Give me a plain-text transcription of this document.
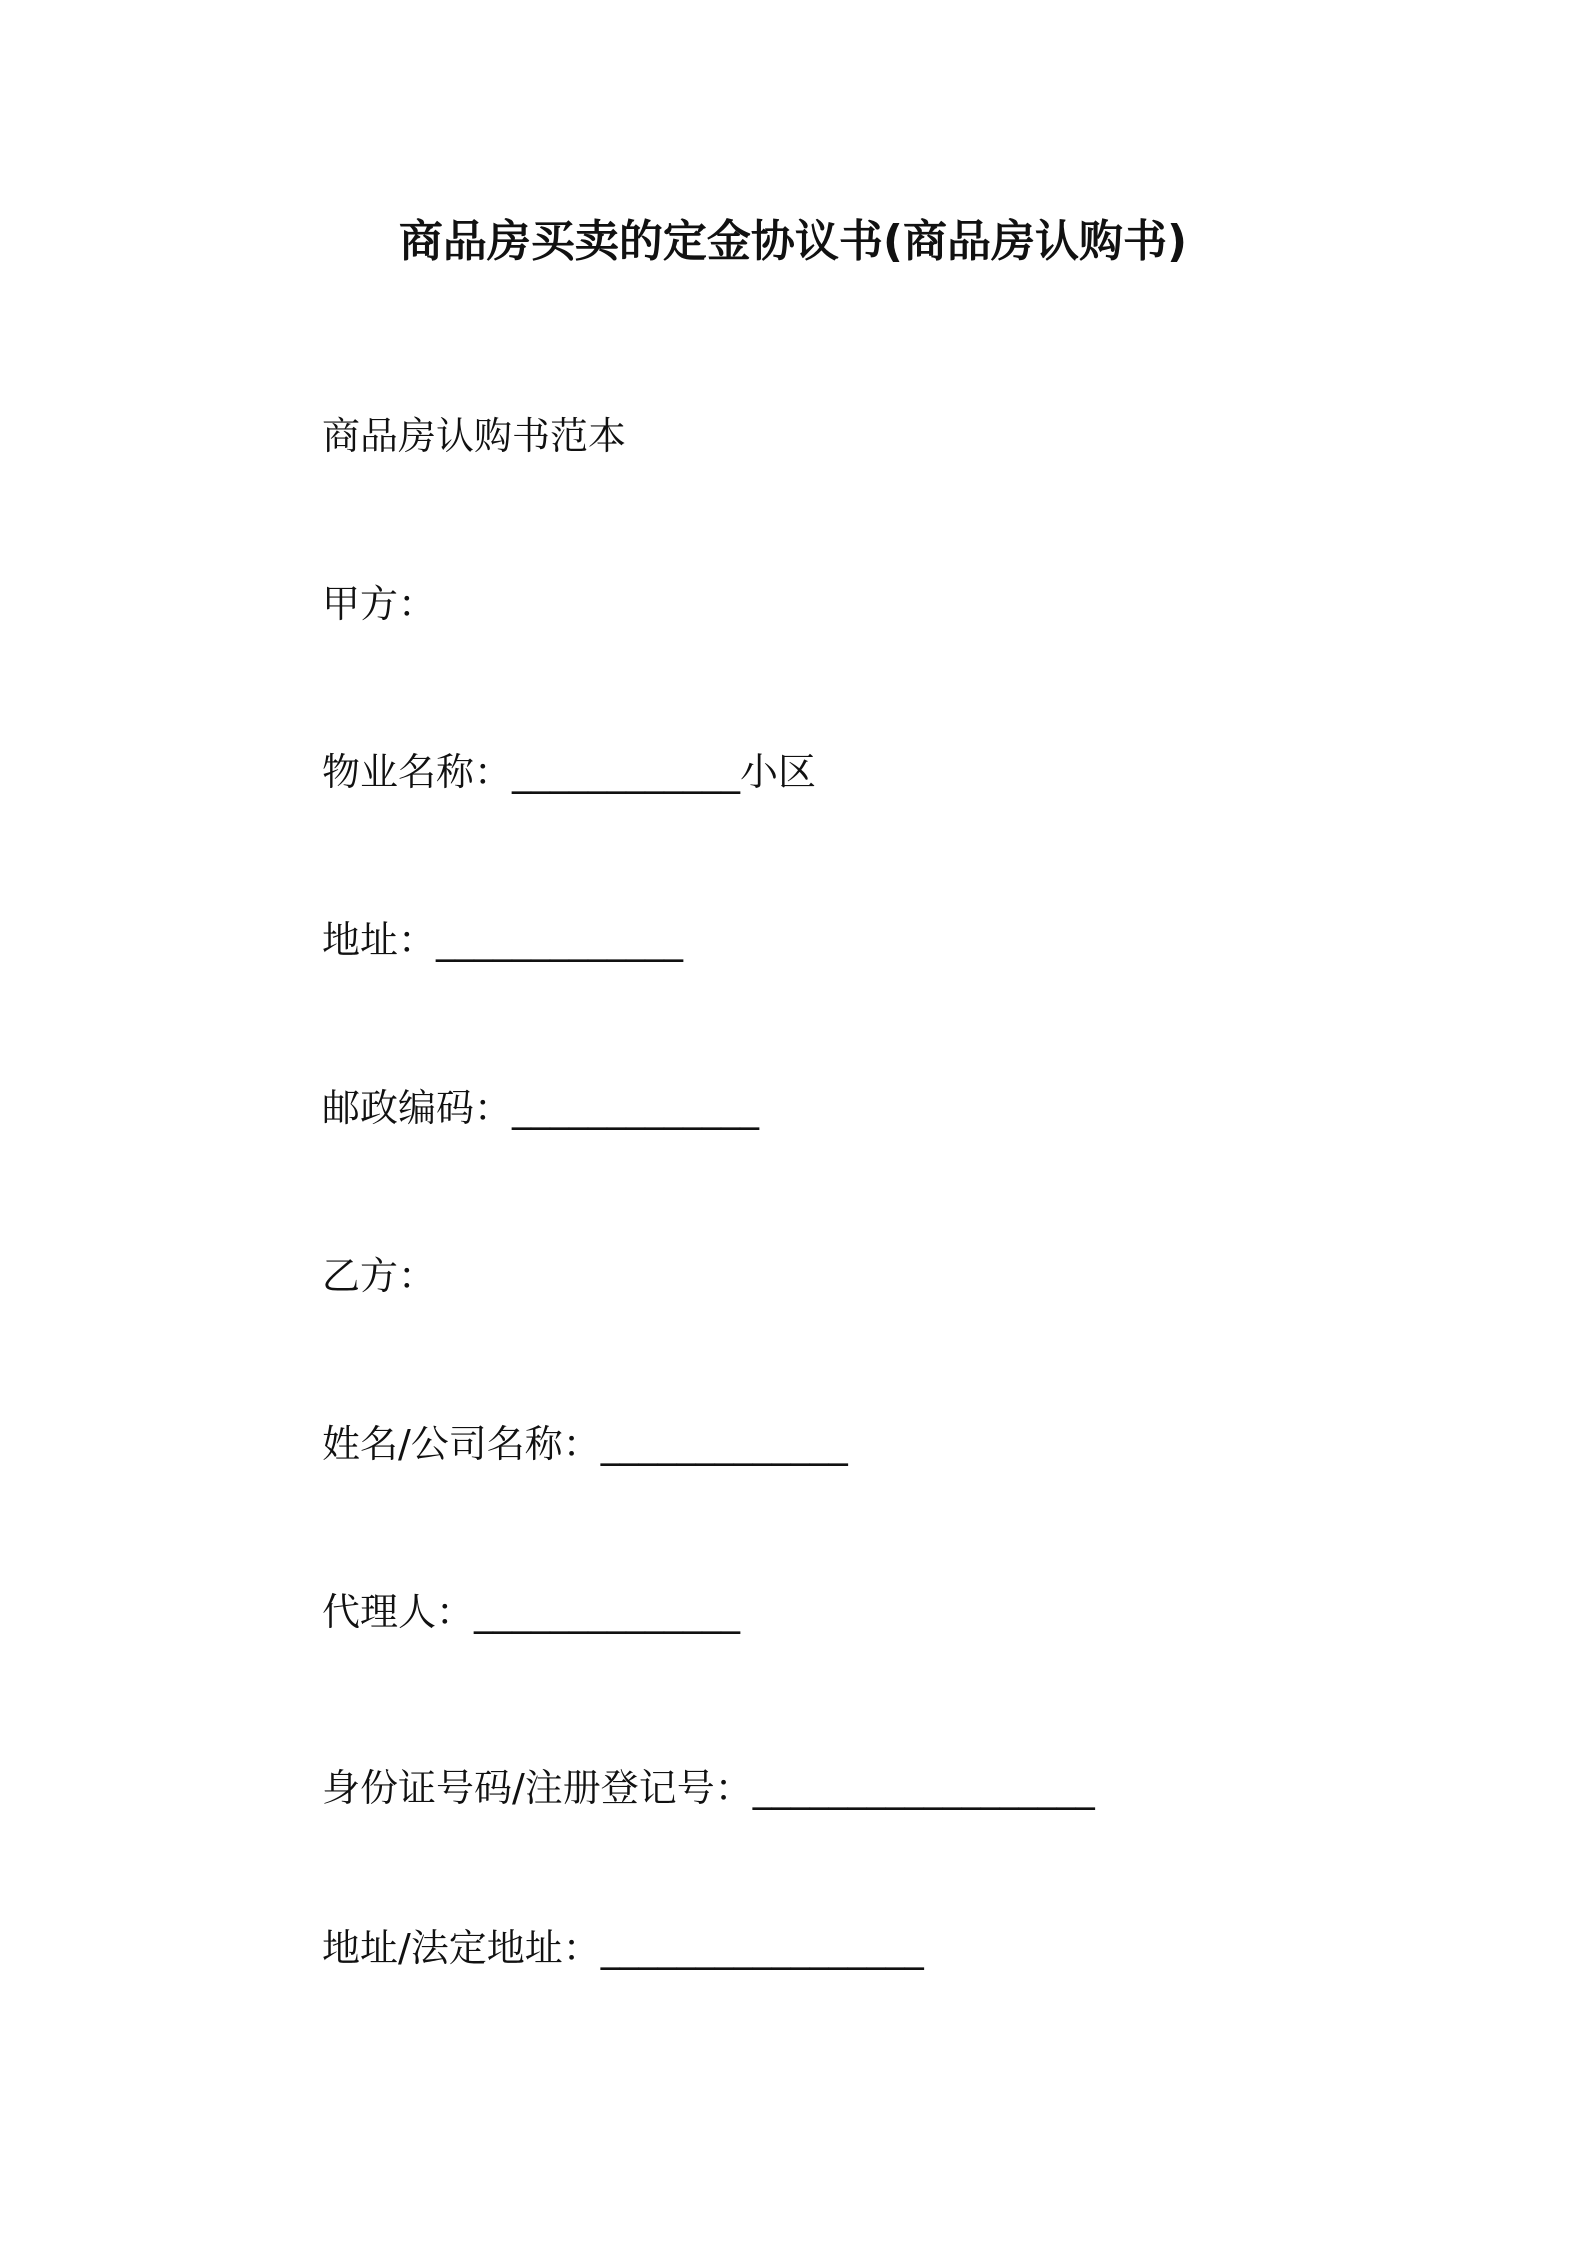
商品房买卖的定金协议书(商品房认购书)
商品房认购书范本
甲方：
物业名称：____________小区
地址：_____________
邮政编码：_____________
乙方：
姓名/公司名称：_____________
代理人：______________
身份证号码/注册登记号：__________________
地址/法定地址：_________________
